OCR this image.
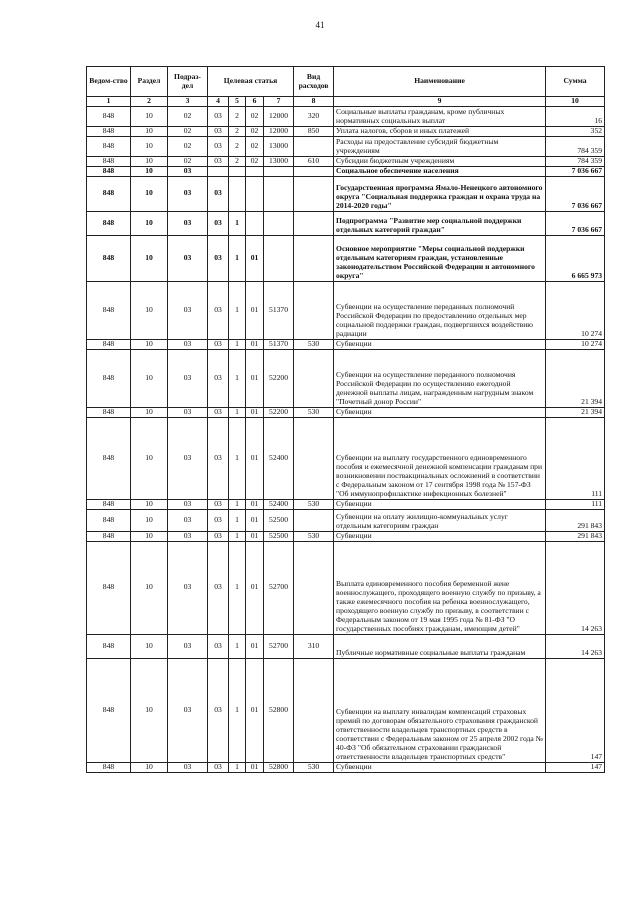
41
Ведом-ство	Раздел	Подраз-дел	Целевая статья				Вид расходов	Наименование	Сумма
1	2	3	4	5	6	7	8	9	10
848	10	02	03	2	02	12000	320	Социальные выплаты гражданам, кроме публичных нормативных социальных выплат	16
848	10	02	03	2	02	12000	850	Уплата налогов, сборов и иных платежей	352
848	10	02	03	2	02	13000		Расходы на предоставление субсидий бюджетным учреждениям	784 359
848	10	02	03	2	02	13000	610	Субсидии бюджетным учреждениям	784 359
848	10	03						Социальное обеспечение населения	7 036 667
848	10	03	03					Государственная программа Ямало-Ненецкого автономного округа "Социальная поддержка граждан и охрана труда на 2014-2020 годы"	7 036 667
848	10	03	03	1				Подпрограмма "Развитие мер социальной поддержки отдельных категорий граждан"	7 036 667
848	10	03	03	1	01			Основное мероприятие "Меры социальной поддержки отдельным категориям граждан, установленные законодательством Российской Федерации и автономного округа"	6 665 973
848	10	03	03	1	01	51370		Субвенции на осуществление переданных полномочий Российской Федерации по предоставлению отдельных мер социальной поддержки граждан, подвергшихся воздействию радиации	10 274
848	10	03	03	1	01	51370	530	Субвенции	10 274
848	10	03	03	1	01	52200		Субвенции на осуществление переданного полномочия Российской Федерации по осуществлению ежегодной денежной выплаты лицам, награжденным нагрудным знаком "Почетный донор России"	21 394
848	10	03	03	1	01	52200	530	Субвенции	21 394
848	10	03	03	1	01	52400		Субвенции на выплату государственного единовременного пособия и ежемесячной денежной компенсации гражданам при возникновении поствакцинальных осложнений в соответствии с Федеральным законом от 17 сентября 1998 года № 157-ФЗ "Об иммунопрофилактике инфекционных болезней"	111
848	10	03	03	1	01	52400	530	Субвенции	111
848	10	03	03	1	01	52500		Субвенции на оплату жилищно-коммунальных услуг отдельным категориям граждан	291 843
848	10	03	03	1	01	52500	530	Субвенции	291 843
848	10	03	03	1	01	52700		Выплата единовременного пособия беременной жене военнослужащего, проходящего военную службу по призыву, а также ежемесячного пособия на ребенка военнослужащего, проходящего военную службу по призыву, в соответствии с Федеральным законом от 19 мая 1995 года № 81-ФЗ "О государственных пособиях гражданам, имеющим детей"	14 263
848	10	03	03	1	01	52700	310	Публичные нормативные социальные выплаты гражданам	14 263
848	10	03	03	1	01	52800		Субвенции на выплату инвалидам компенсаций страховых премий по договорам обязательного страхования гражданской ответственности владельцев транспортных средств в соответствии с Федеральным законом от 25 апреля 2002 года № 40-ФЗ "Об обязательном страховании гражданской ответственности владельцев транспортных средств"	147
848	10	03	03	1	01	52800	530	Субвенции	147
